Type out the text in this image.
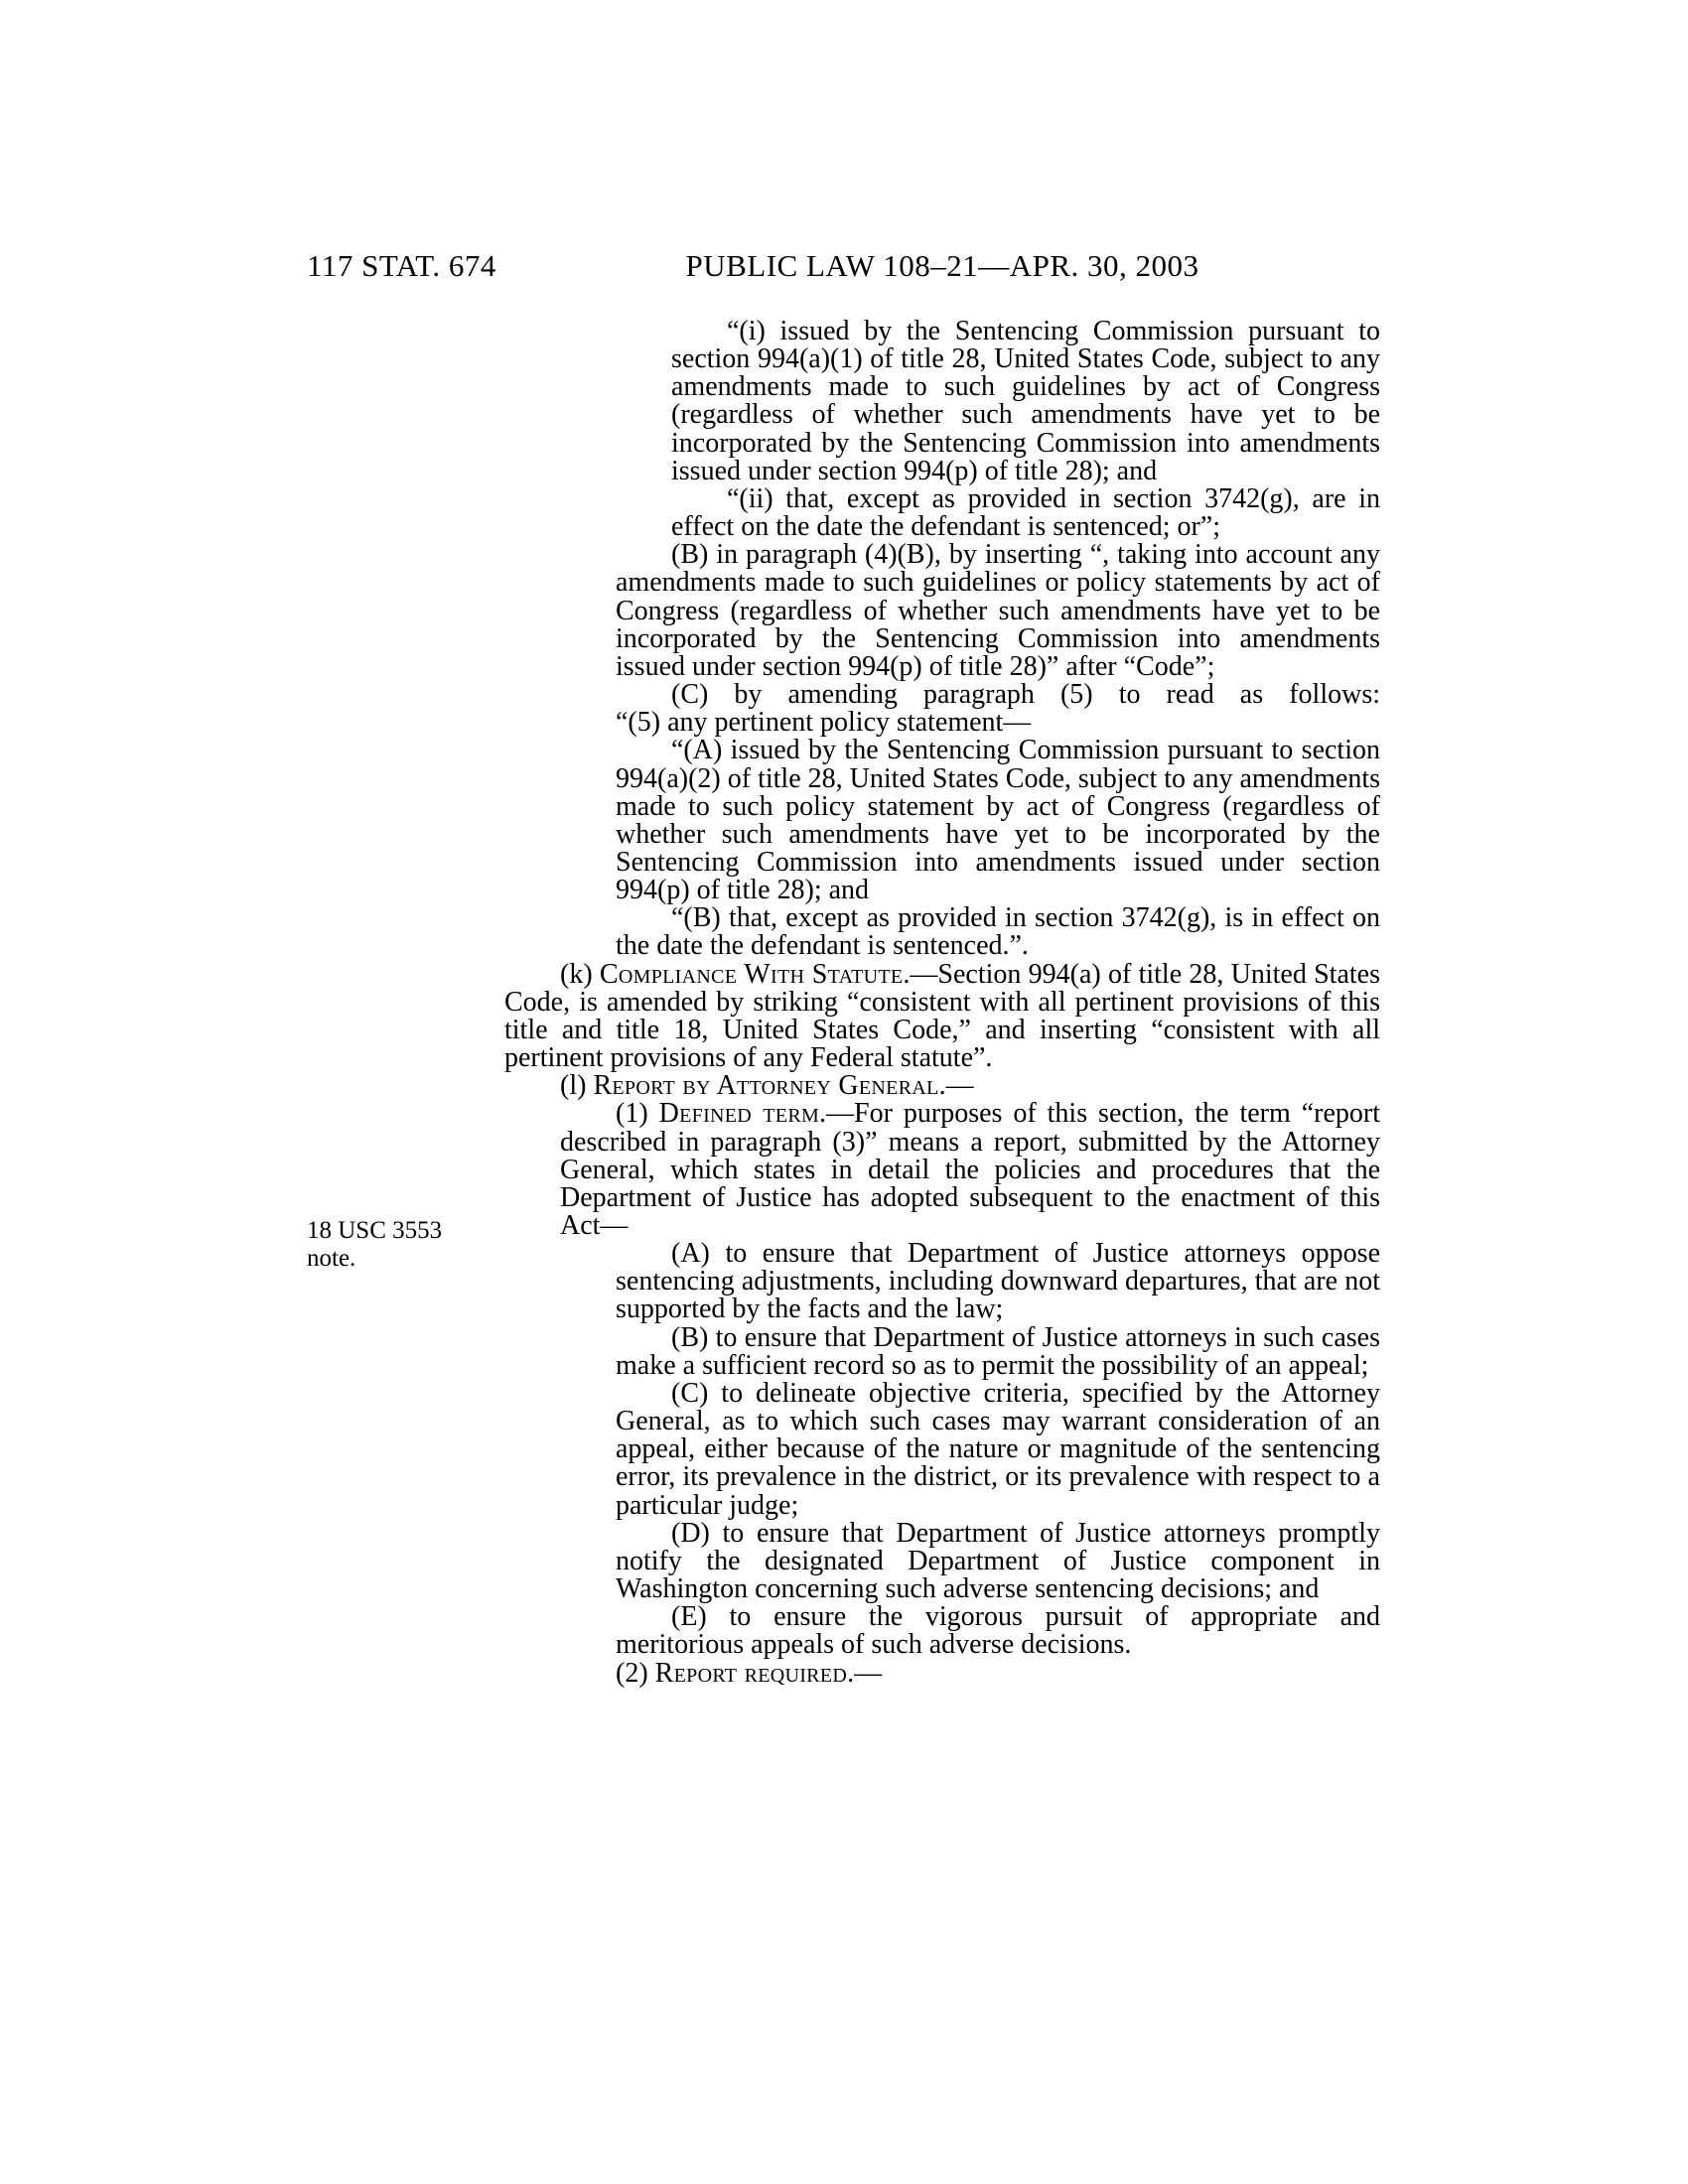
117 STAT. 674	PUBLIC LAW 108–21—APR. 30, 2003
18 USC 3553 note.

“(i) issued by the Sentencing Commission pursuant to section 994(a)(1) of title 28, United States Code, subject to any amendments made to such guidelines by act of Congress (regardless of whether such amendments have yet to be incorporated by the Sentencing Commission into amendments issued under section 994(p) of title 28); and

“(ii) that, except as provided in section 3742(g), are in effect on the date the defendant is sentenced; or”;

(B) in paragraph (4)(B), by inserting “, taking into account any amendments made to such guidelines or policy statements by act of Congress (regardless of whether such amendments have yet to be incorporated by the Sentencing Commission into amendments issued under section 994(p) of title 28)” after “Code”;

(C) by amending paragraph (5) to read as follows:

“(5) any pertinent policy statement—

“(A) issued by the Sentencing Commission pursuant to section 994(a)(2) of title 28, United States Code, subject to any amendments made to such policy statement by act of Congress (regardless of whether such amendments have yet to be incorporated by the Sentencing Commission into amendments issued under section 994(p) of title 28); and

“(B) that, except as provided in section 3742(g), is in effect on the date the defendant is sentenced.”.

(k) Compliance With Statute.—Section 994(a) of title 28, United States Code, is amended by striking “consistent with all pertinent provisions of this title and title 18, United States Code,” and inserting “consistent with all pertinent provisions of any Federal statute”.

(l) Report by Attorney General.—

(1) Defined term.—For purposes of this section, the term “report described in paragraph (3)” means a report, submitted by the Attorney General, which states in detail the policies and procedures that the Department of Justice has adopted subsequent to the enactment of this Act—

(A) to ensure that Department of Justice attorneys oppose sentencing adjustments, including downward departures, that are not supported by the facts and the law;

(B) to ensure that Department of Justice attorneys in such cases make a sufficient record so as to permit the possibility of an appeal;

(C) to delineate objective criteria, specified by the Attorney General, as to which such cases may warrant consideration of an appeal, either because of the nature or magnitude of the sentencing error, its prevalence in the district, or its prevalence with respect to a particular judge;

(D) to ensure that Department of Justice attorneys promptly notify the designated Department of Justice component in Washington concerning such adverse sentencing decisions; and

(E) to ensure the vigorous pursuit of appropriate and meritorious appeals of such adverse decisions.

(2) Report required.—
